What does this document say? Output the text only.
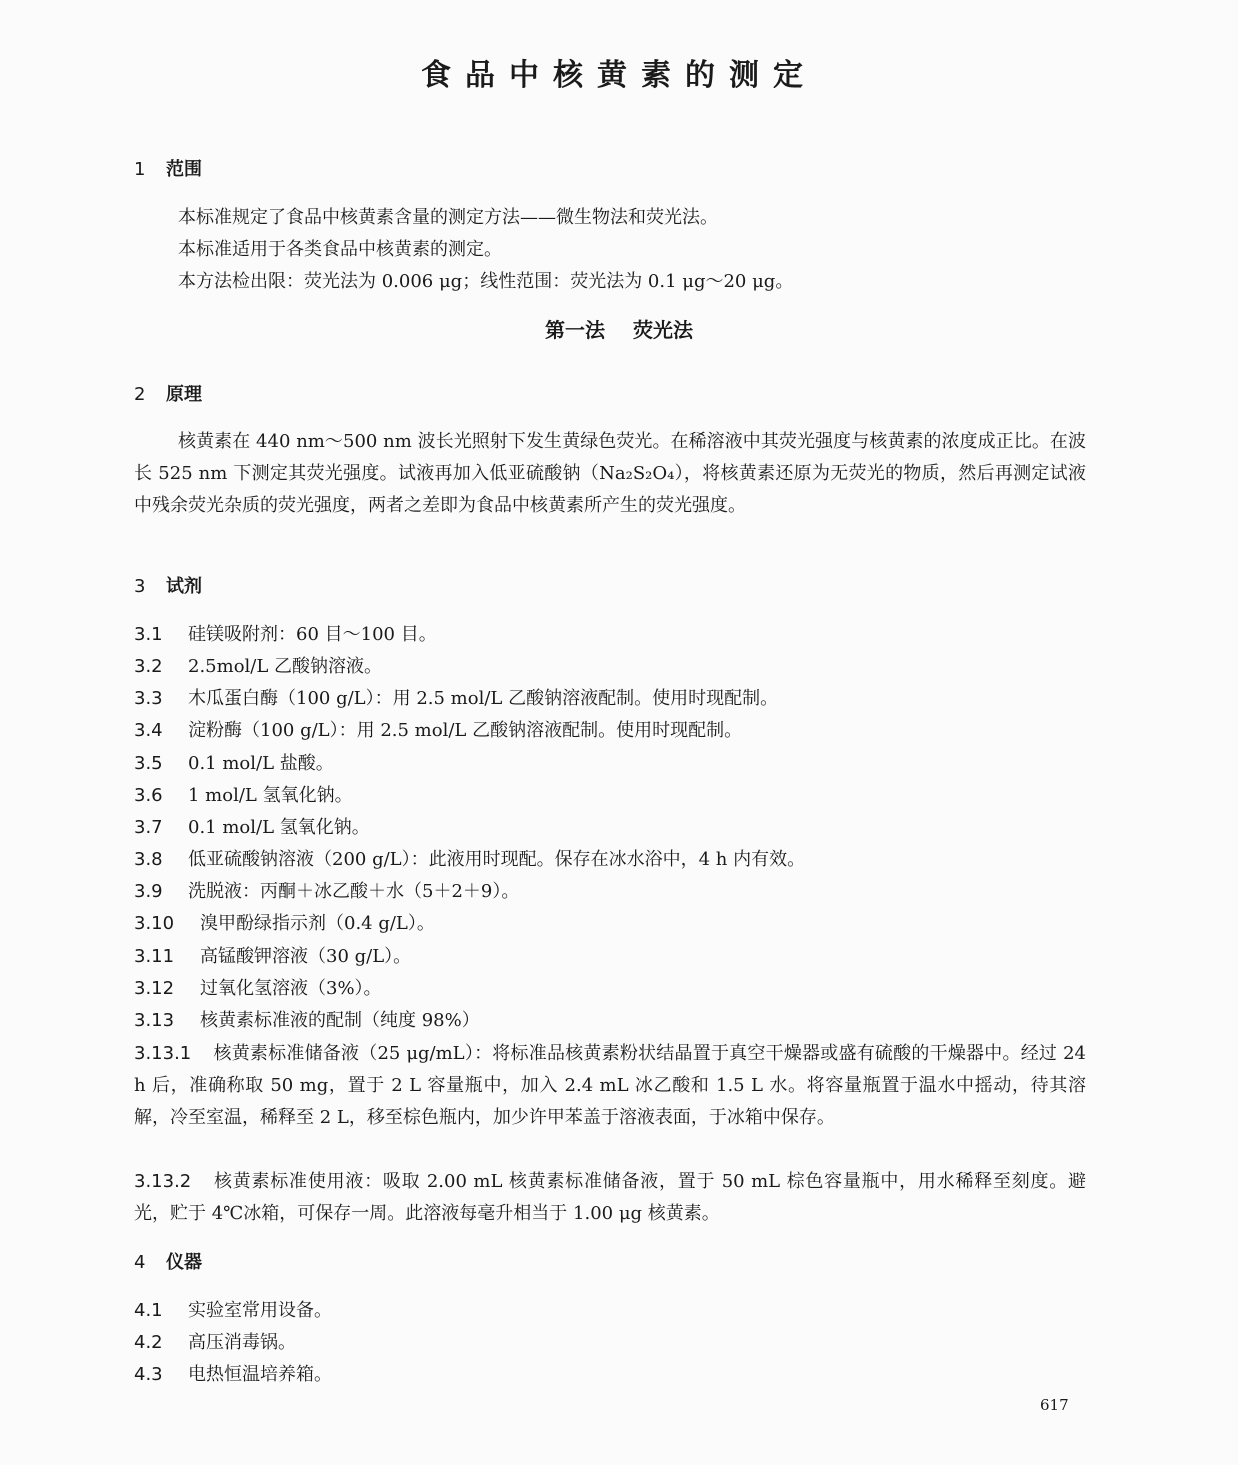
食品中核黄素的测定
1 范围
本标准规定了食品中核黄素含量的测定方法——微生物法和荧光法。
本标准适用于各类食品中核黄素的测定。
本方法检出限：荧光法为 0.006 μg；线性范围：荧光法为 0.1 μg～20 μg。
第一法 荧光法
2 原理
核黄素在 440 nm～500 nm 波长光照射下发生黄绿色荧光。在稀溶液中其荧光强度与核黄素的浓度成正比。在波长 525 nm 下测定其荧光强度。试液再加入低亚硫酸钠（Na₂S₂O₄），将核黄素还原为无荧光的物质，然后再测定试液中残余荧光杂质的荧光强度，两者之差即为食品中核黄素所产生的荧光强度。
3 试剂
3.1 硅镁吸附剂：60 目～100 目。
3.2 2.5mol/L 乙酸钠溶液。
3.3 木瓜蛋白酶（100 g/L）：用 2.5 mol/L 乙酸钠溶液配制。使用时现配制。
3.4 淀粉酶（100 g/L）：用 2.5 mol/L 乙酸钠溶液配制。使用时现配制。
3.5 0.1 mol/L 盐酸。
3.6 1 mol/L 氢氧化钠。
3.7 0.1 mol/L 氢氧化钠。
3.8 低亚硫酸钠溶液（200 g/L）：此液用时现配。保存在冰水浴中，4 h 内有效。
3.9 洗脱液：丙酮＋冰乙酸＋水（5＋2＋9）。
3.10 溴甲酚绿指示剂（0.4 g/L）。
3.11 高锰酸钾溶液（30 g/L）。
3.12 过氧化氢溶液（3%）。
3.13 核黄素标准液的配制（纯度 98%）
3.13.1 核黄素标准储备液（25 μg/mL）：将标准品核黄素粉状结晶置于真空干燥器或盛有硫酸的干燥器中。经过 24 h 后，准确称取 50 mg，置于 2 L 容量瓶中，加入 2.4 mL 冰乙酸和 1.5 L 水。将容量瓶置于温水中摇动，待其溶解，冷至室温，稀释至 2 L，移至棕色瓶内，加少许甲苯盖于溶液表面，于冰箱中保存。
3.13.2 核黄素标准使用液：吸取 2.00 mL 核黄素标准储备液，置于 50 mL 棕色容量瓶中，用水稀释至刻度。避光，贮于 4℃冰箱，可保存一周。此溶液每毫升相当于 1.00 μg 核黄素。
4 仪器
4.1 实验室常用设备。
4.2 高压消毒锅。
4.3 电热恒温培养箱。
617
